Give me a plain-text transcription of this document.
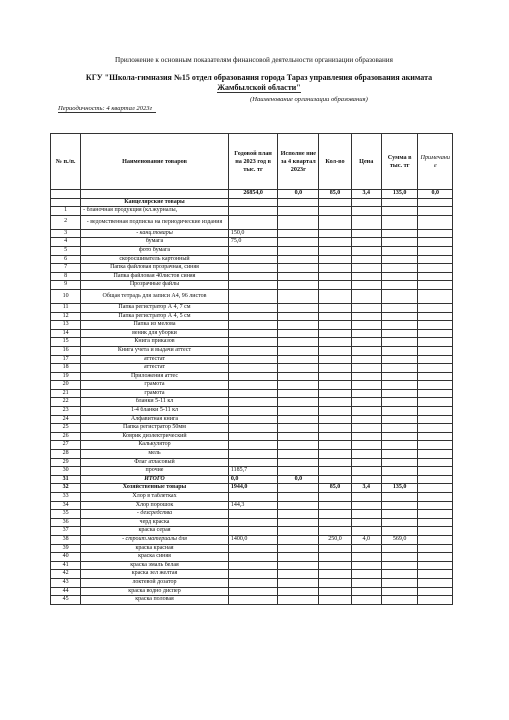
Приложение к основным показателям финансовой деятельности организации образования
КГУ "Школа-гимназия №15 отдел образования города Тараз управления образования акимата
Жамбылской области"
(Наименование организации образования)
Периодичность: 4 квартал 2023г
№ п./п.	Наименование товаров	Годовой план на 2023 год в тыс. тг	Исполне ние за 4 квартал 2023г	Кол-во	Цена	Сумма в тыс. тг	Примечани е
		26854,0	0,0	85,0	3,4	135,0	0,0
	Канцелярские товары						
1	- бланочная продукция (кл.журналы,						
2	- ведомственная подписка на периодические издания						
3	- канц.товары	150,0					
4	бумага	75,0					
5	фото бумага						
6	скоросшиватель картонный						
7	Папка файловая прозрачная, синяя						
8	Папка файловая 40листов синяя						
9	Прозрачные файлы						
10	Общая тетрадь для записи А4, 96 листов						
11	Папка регистратор А 4, 7 см						
12	Папка регистратор А 4, 5 см						
13	Папка из мелова						
14	веник для уборки						
15	Книга приказов						
16	Книга учета и выдачи аттест						
17	аттестат						
18	аттестат						
19	Приложения аттес						
20	грамота						
21	грамота						
22	бланки 5-11 кл						
23	1-4 бланки 5-11 кл						
24	Алфавитная книга						
25	Папка регистратор 50мм						
26	Коврик диэлектрический						
27	Калькулятор						
28	мель						
29	Флаг атласовый						
30	прочие	1185,7					
31	ИТОГО	0,0	0,0				
32	Хозяйственные товары	1944,0		85,0	3,4	135,0	
33	Хлор в таблетках						
34	Хлор порошок	144,3					
35	- дезсредства						
36	черд краска						
37	краска серая						
38	- строит.материалы для	1400,0		250,0	4,0	569,0	
39	краска красная						
40	краска синяя						
41	краска эмаль белая						
42	краска зел желтая						
43	локтевой дозатор						
44	краска водно диспер						
45	краска половая						
